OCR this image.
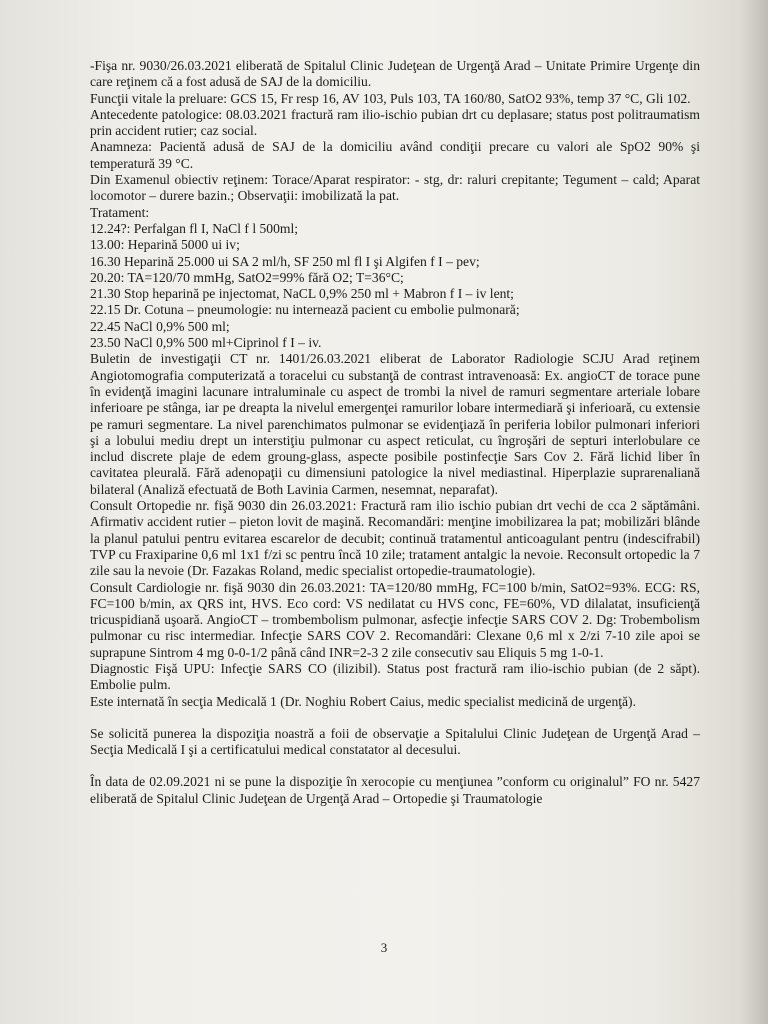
-Fişa nr. 9030/26.03.2021 eliberată de Spitalul Clinic Judeţean de Urgenţă Arad – Unitate Primire Urgenţe din care reţinem că a fost adusă de SAJ de la domiciliu.

Funcţii vitale la preluare: GCS 15, Fr resp 16, AV 103, Puls 103, TA 160/80, SatO2 93%, temp 37 °C, Gli 102.

Antecedente patologice: 08.03.2021 fractură ram ilio-ischio pubian drt cu deplasare; status post politraumatism prin accident rutier; caz social.

Anamneza: Pacientă adusă de SAJ de la domiciliu având condiţii precare cu valori ale SpO2 90% şi temperatură 39 °C.

Din Examenul obiectiv reţinem: Torace/Aparat respirator: - stg, dr: raluri crepitante; Tegument – cald; Aparat locomotor – durere bazin.; Observaţii: imobilizată la pat.

Tratament:

12.24?: Perfalgan fl I, NaCl f l 500ml;

13.00: Heparină 5000 ui iv;

16.30 Heparină 25.000 ui SA 2 ml/h, SF 250 ml fl I şi Algifen f I – pev;

20.20: TA=120/70 mmHg, SatO2=99% fără O2; T=36°C;

21.30 Stop heparină pe injectomat, NaCL 0,9% 250 ml + Mabron f I – iv lent;

22.15 Dr. Cotuna – pneumologie: nu internează pacient cu embolie pulmonară;

22.45 NaCl 0,9% 500 ml;

23.50 NaCl 0,9% 500 ml+Ciprinol f I – iv.

Buletin de investigaţii CT nr. 1401/26.03.2021 eliberat de Laborator Radiologie SCJU Arad reţinem Angiotomografia computerizată a toracelui cu substanţă de contrast intravenoasă: Ex. angioCT de torace pune în evidenţă imagini lacunare intraluminale cu aspect de trombi la nivel de ramuri segmentare arteriale lobare inferioare pe stânga, iar pe dreapta la nivelul emergenţei ramurilor lobare intermediară şi inferioară, cu extensie pe ramuri segmentare. La nivel parenchimatos pulmonar se evidenţiază în periferia lobilor pulmonari inferiori şi a lobului mediu drept un interstiţiu pulmonar cu aspect reticulat, cu îngroşări de septuri interlobulare ce includ discrete plaje de edem groung-glass, aspecte posibile postinfecţie Sars Cov 2. Fără lichid liber în cavitatea pleurală. Fără adenopaţii cu dimensiuni patologice la nivel mediastinal. Hiperplazie suprarenaliană bilateral (Analiză efectuată de Both Lavinia Carmen, nesemnat, neparafat).

Consult Ortopedie nr. fişă 9030 din 26.03.2021: Fractură ram ilio ischio pubian drt vechi de cca 2 săptămâni. Afirmativ accident rutier – pieton lovit de maşină. Recomandări: menţine imobilizarea la pat; mobilizări blânde la planul patului pentru evitarea escarelor de decubit; continuă tratamentul anticoagulant pentru (indescifrabil) TVP cu Fraxiparine 0,6 ml 1x1 f/zi sc pentru încă 10 zile; tratament antalgic la nevoie. Reconsult ortopedic la 7 zile sau la nevoie (Dr. Fazakas Roland, medic specialist ortopedie-traumatologie).

Consult Cardiologie nr. fişă 9030 din 26.03.2021: TA=120/80 mmHg, FC=100 b/min, SatO2=93%. ECG: RS, FC=100 b/min, ax QRS int, HVS. Eco cord: VS nedilatat cu HVS conc, FE=60%, VD dilalatat, insuficienţă tricuspidiană uşoară. AngioCT – trombembolism pulmonar, asfecţie infecţie SARS COV 2. Dg: Trobembolism pulmonar cu risc intermediar. Infecţie SARS COV 2. Recomandări: Clexane 0,6 ml x 2/zi 7-10 zile apoi se suprapune Sintrom 4 mg 0-0-1/2 până când INR=2-3 2 zile consecutiv sau Eliquis 5 mg 1-0-1.

Diagnostic Fişă UPU: Infecţie SARS CO (ilizibil). Status post fractură ram ilio-ischio pubian (de 2 săpt). Embolie pulm.

Este internată în secţia Medicală 1 (Dr. Noghiu Robert Caius, medic specialist medicină de urgenţă).

Se solicită punerea la dispoziţia noastră a foii de observaţie a Spitalului Clinic Judeţean de Urgenţă Arad – Secţia Medicală I şi a certificatului medical constatator al decesului.

În data de 02.09.2021 ni se pune la dispoziţie în xerocopie cu menţiunea ”conform cu originalul” FO nr. 5427 eliberată de Spitalul Clinic Judeţean de Urgenţă Arad – Ortopedie şi Traumatologie

3
